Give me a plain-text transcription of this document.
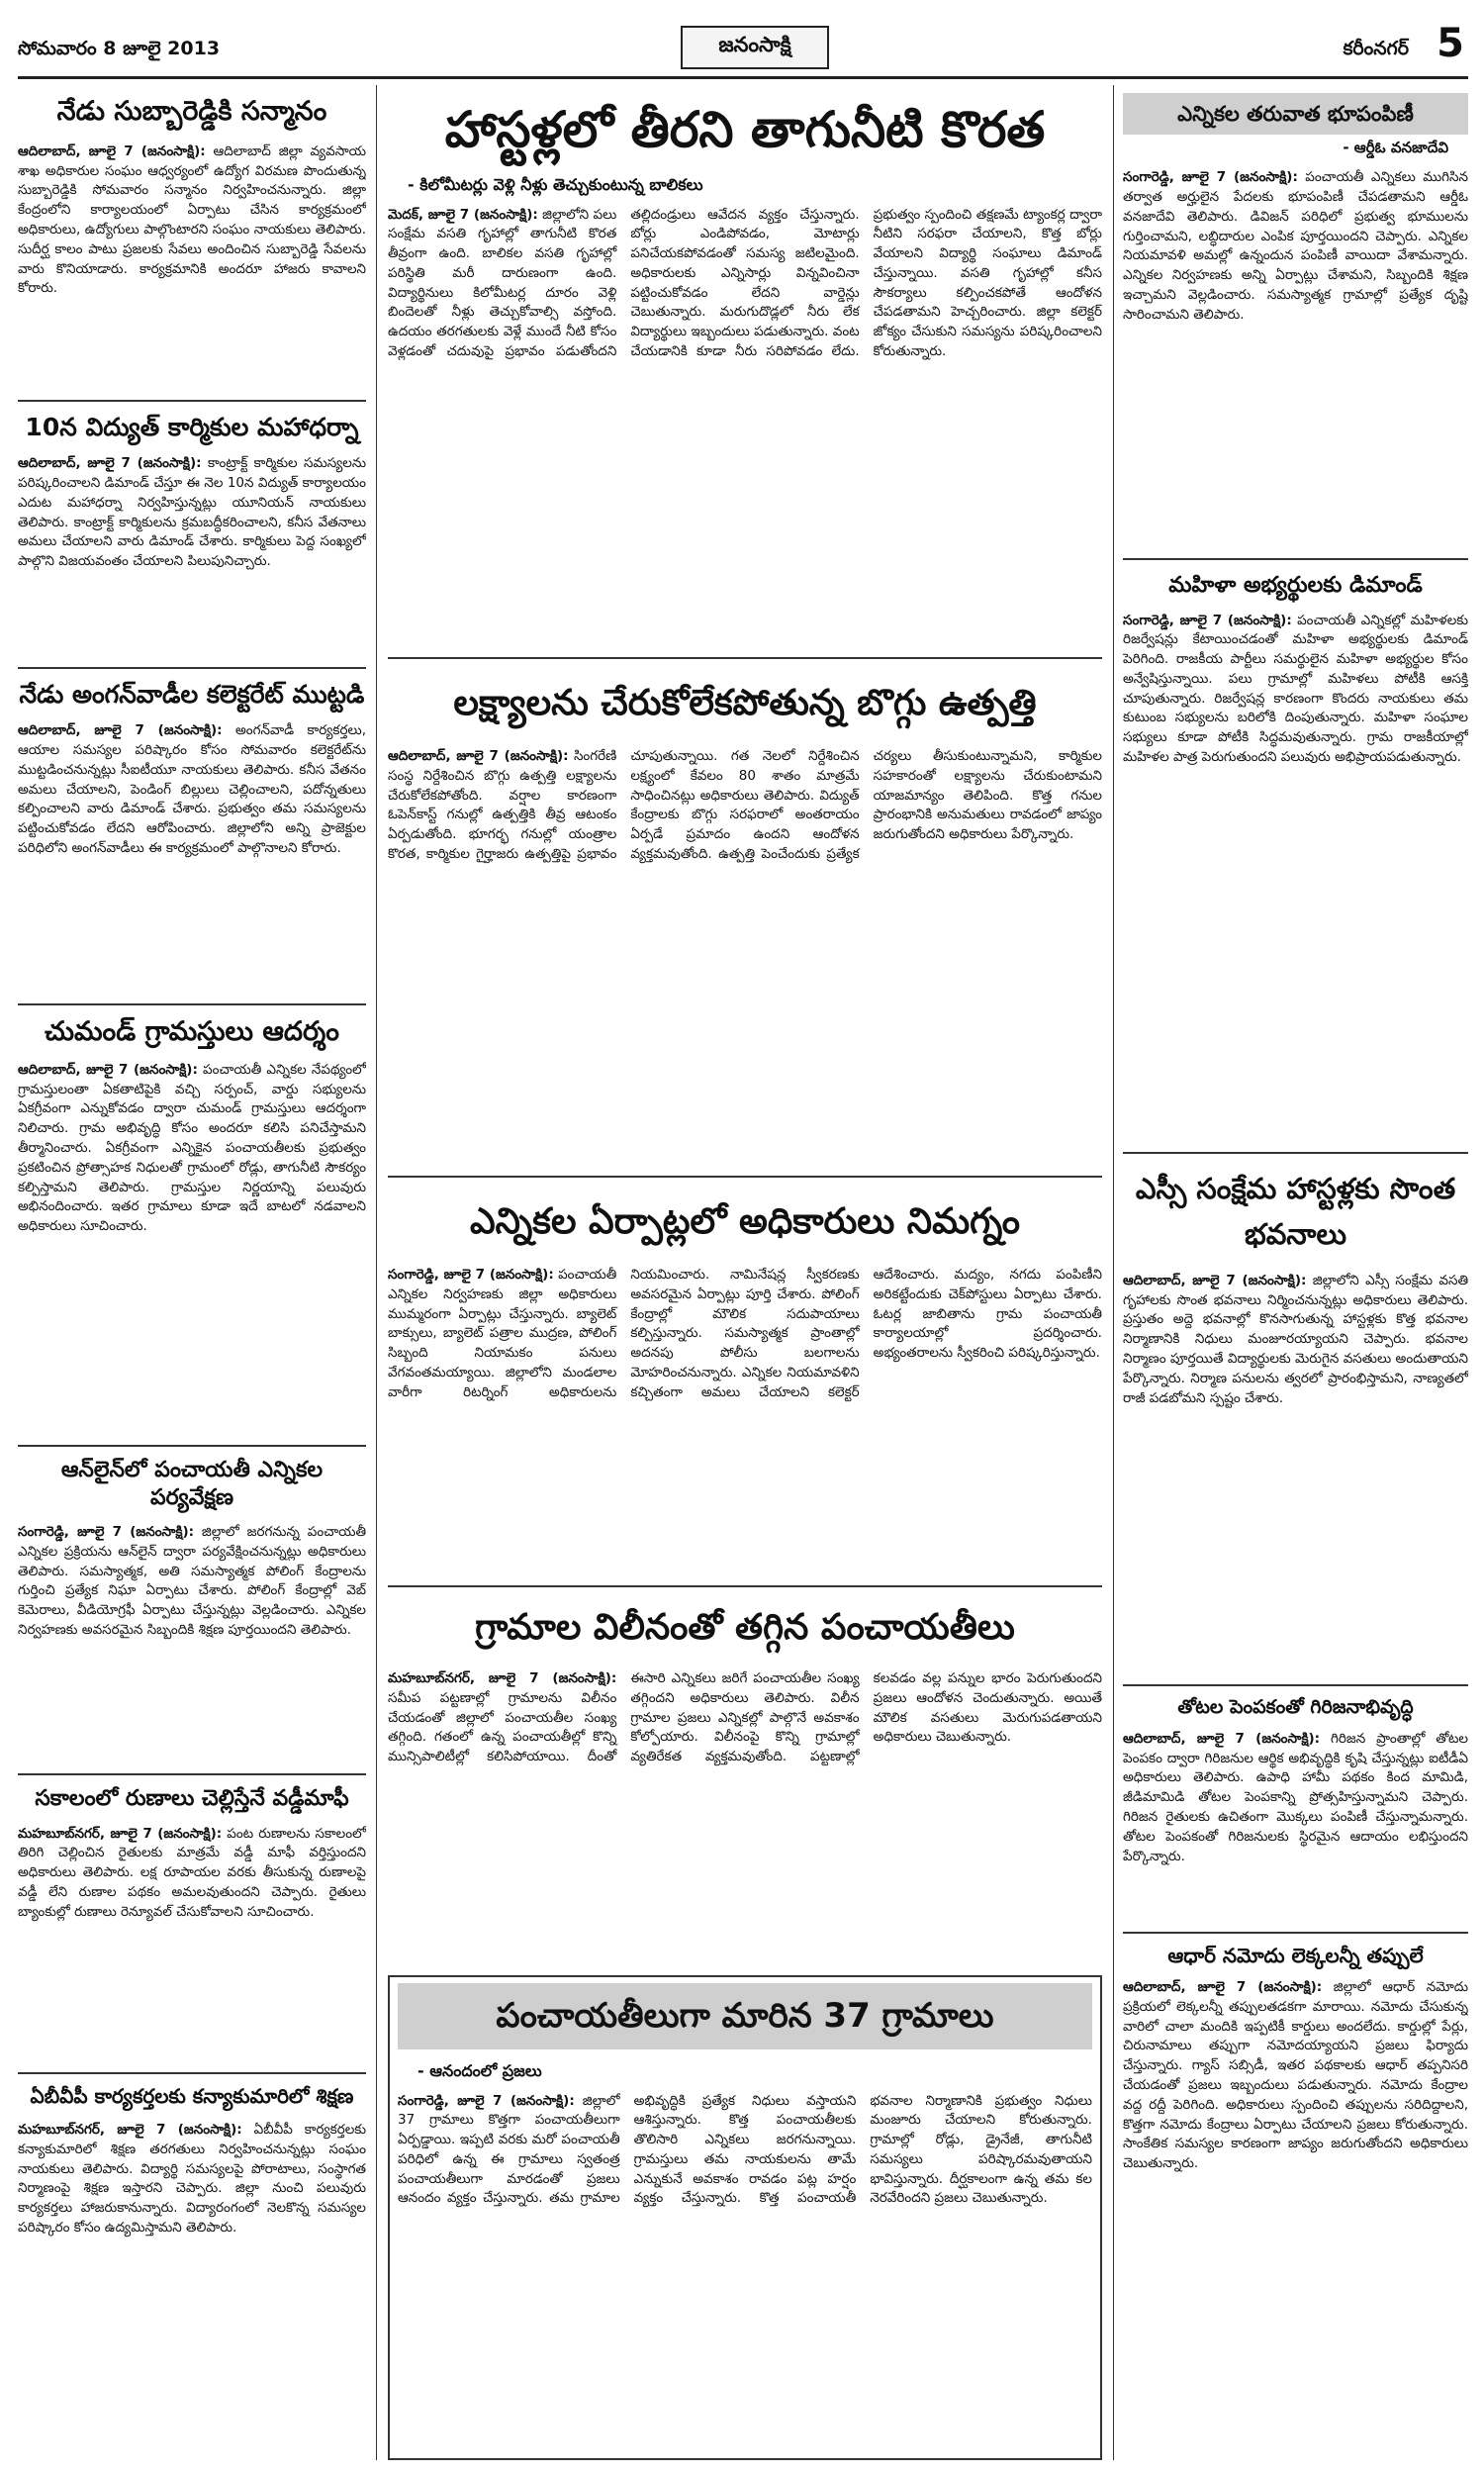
సోమవారం 8 జూలై 2013	జనంసాక్షి	కరీంనగర్ 5
నేడు సుబ్బారెడ్డికి సన్మానం
ఆదిలాబాద్, జూలై 7 (జనంసాక్షి): ఆదిలాబాద్ జిల్లా వ్యవసాయ శాఖ అధికారుల సంఘం ఆధ్వర్యంలో ఉద్యోగ విరమణ పొందుతున్న సుబ్బారెడ్డికి సోమవారం సన్మానం నిర్వహించనున్నారు. జిల్లా కేంద్రంలోని కార్యాలయంలో ఏర్పాటు చేసిన కార్యక్రమంలో అధికారులు, ఉద్యోగులు పాల్గొంటారని సంఘం నాయకులు తెలిపారు. సుదీర్ఘ కాలం పాటు ప్రజలకు సేవలు అందించిన సుబ్బారెడ్డి సేవలను వారు కొనియాడారు. కార్యక్రమానికి అందరూ హాజరు కావాలని కోరారు.
10న విద్యుత్ కార్మికుల మహాధర్నా
ఆదిలాబాద్, జూలై 7 (జనంసాక్షి): కాంట్రాక్ట్ కార్మికుల సమస్యలను పరిష్కరించాలని డిమాండ్ చేస్తూ ఈ నెల 10న విద్యుత్ కార్యాలయం ఎదుట మహాధర్నా నిర్వహిస్తున్నట్లు యూనియన్ నాయకులు తెలిపారు. కాంట్రాక్ట్ కార్మికులను క్రమబద్ధీకరించాలని, కనీస వేతనాలు అమలు చేయాలని వారు డిమాండ్ చేశారు. కార్మికులు పెద్ద సంఖ్యలో పాల్గొని విజయవంతం చేయాలని పిలుపునిచ్చారు.
నేడు అంగన్‌వాడీల కలెక్టరేట్ ముట్టడి
ఆదిలాబాద్, జూలై 7 (జనంసాక్షి): అంగన్‌వాడీ కార్యకర్తలు, ఆయాల సమస్యల పరిష్కారం కోసం సోమవారం కలెక్టరేట్‌ను ముట్టడించనున్నట్లు సీఐటీయూ నాయకులు తెలిపారు. కనీస వేతనం అమలు చేయాలని, పెండింగ్ బిల్లులు చెల్లించాలని, పదోన్నతులు కల్పించాలని వారు డిమాండ్ చేశారు. ప్రభుత్వం తమ సమస్యలను పట్టించుకోవడం లేదని ఆరోపించారు. జిల్లాలోని అన్ని ప్రాజెక్టుల పరిధిలోని అంగన్‌వాడీలు ఈ కార్యక్రమంలో పాల్గొనాలని కోరారు.
చుమండ్ గ్రామస్తులు ఆదర్శం
ఆదిలాబాద్, జూలై 7 (జనంసాక్షి): పంచాయతీ ఎన్నికల నేపథ్యంలో గ్రామస్తులంతా ఏకతాటిపైకి వచ్చి సర్పంచ్, వార్డు సభ్యులను ఏకగ్రీవంగా ఎన్నుకోవడం ద్వారా చుమండ్ గ్రామస్తులు ఆదర్శంగా నిలిచారు. గ్రామ అభివృద్ధి కోసం అందరూ కలిసి పనిచేస్తామని తీర్మానించారు. ఏకగ్రీవంగా ఎన్నికైన పంచాయతీలకు ప్రభుత్వం ప్రకటించిన ప్రోత్సాహక నిధులతో గ్రామంలో రోడ్లు, తాగునీటి సౌకర్యం కల్పిస్తామని తెలిపారు. గ్రామస్తుల నిర్ణయాన్ని పలువురు అభినందించారు. ఇతర గ్రామాలు కూడా ఇదే బాటలో నడవాలని అధికారులు సూచించారు.
ఆన్‌లైన్‌లో పంచాయతీ ఎన్నికల పర్యవేక్షణ
సంగారెడ్డి, జూలై 7 (జనంసాక్షి): జిల్లాలో జరగనున్న పంచాయతీ ఎన్నికల ప్రక్రియను ఆన్‌లైన్ ద్వారా పర్యవేక్షించనున్నట్లు అధికారులు తెలిపారు. సమస్యాత్మక, అతి సమస్యాత్మక పోలింగ్ కేంద్రాలను గుర్తించి ప్రత్యేక నిఘా ఏర్పాటు చేశారు. పోలింగ్ కేంద్రాల్లో వెబ్ కెమెరాలు, వీడియోగ్రఫీ ఏర్పాటు చేస్తున్నట్లు వెల్లడించారు. ఎన్నికల నిర్వహణకు అవసరమైన సిబ్బందికి శిక్షణ పూర్తయిందని తెలిపారు.
సకాలంలో రుణాలు చెల్లిస్తేనే వడ్డీమాఫీ
మహబూబ్‌నగర్, జూలై 7 (జనంసాక్షి): పంట రుణాలను సకాలంలో తిరిగి చెల్లించిన రైతులకు మాత్రమే వడ్డీ మాఫీ వర్తిస్తుందని అధికారులు తెలిపారు. లక్ష రూపాయల వరకు తీసుకున్న రుణాలపై వడ్డీ లేని రుణాల పథకం అమలవుతుందని చెప్పారు. రైతులు బ్యాంకుల్లో రుణాలు రెన్యూవల్ చేసుకోవాలని సూచించారు.
ఏబీవీపీ కార్యకర్తలకు కన్యాకుమారిలో శిక్షణ
మహబూబ్‌నగర్, జూలై 7 (జనంసాక్షి): ఏబీవీపీ కార్యకర్తలకు కన్యాకుమారిలో శిక్షణ తరగతులు నిర్వహించనున్నట్లు సంఘం నాయకులు తెలిపారు. విద్యార్థి సమస్యలపై పోరాటాలు, సంస్థాగత నిర్మాణంపై శిక్షణ ఇస్తారని చెప్పారు. జిల్లా నుంచి పలువురు కార్యకర్తలు హాజరుకానున్నారు. విద్యారంగంలో నెలకొన్న సమస్యల పరిష్కారం కోసం ఉద్యమిస్తామని తెలిపారు.
హాస్టళ్లలో తీరని తాగునీటి కొరత
- కిలోమీటర్లు వెళ్లి నీళ్లు తెచ్చుకుంటున్న బాలికలు
మెదక్, జూలై 7 (జనంసాక్షి): జిల్లాలోని పలు సంక్షేమ వసతి గృహాల్లో తాగునీటి కొరత తీవ్రంగా ఉంది. బాలికల వసతి గృహాల్లో పరిస్థితి మరీ దారుణంగా ఉంది. విద్యార్థినులు కిలోమీటర్ల దూరం వెళ్లి బిందెలతో నీళ్లు తెచ్చుకోవాల్సి వస్తోంది. ఉదయం తరగతులకు వెళ్లే ముందే నీటి కోసం వెళ్లడంతో చదువుపై ప్రభావం పడుతోందని తల్లిదండ్రులు ఆవేదన వ్యక్తం చేస్తున్నారు. బోర్లు ఎండిపోవడం, మోటార్లు పనిచేయకపోవడంతో సమస్య జటిలమైంది. అధికారులకు ఎన్నిసార్లు విన్నవించినా పట్టించుకోవడం లేదని వార్డెన్లు చెబుతున్నారు. మరుగుదొడ్లలో నీరు లేక విద్యార్థులు ఇబ్బందులు పడుతున్నారు. వంట చేయడానికి కూడా నీరు సరిపోవడం లేదు. ప్రభుత్వం స్పందించి తక్షణమే ట్యాంకర్ల ద్వారా నీటిని సరఫరా చేయాలని, కొత్త బోర్లు వేయాలని విద్యార్థి సంఘాలు డిమాండ్ చేస్తున్నాయి. వసతి గృహాల్లో కనీస సౌకర్యాలు కల్పించకపోతే ఆందోళన చేపడతామని హెచ్చరించారు. జిల్లా కలెక్టర్ జోక్యం చేసుకుని సమస్యను పరిష్కరించాలని కోరుతున్నారు.
లక్ష్యాలను చేరుకోలేకపోతున్న బొగ్గు ఉత్పత్తి
ఆదిలాబాద్, జూలై 7 (జనంసాక్షి): సింగరేణి సంస్థ నిర్దేశించిన బొగ్గు ఉత్పత్తి లక్ష్యాలను చేరుకోలేకపోతోంది. వర్షాల కారణంగా ఓపెన్‌కాస్ట్ గనుల్లో ఉత్పత్తికి తీవ్ర ఆటంకం ఏర్పడుతోంది. భూగర్భ గనుల్లో యంత్రాల కొరత, కార్మికుల గైర్హాజరు ఉత్పత్తిపై ప్రభావం చూపుతున్నాయి. గత నెలలో నిర్దేశించిన లక్ష్యంలో కేవలం 80 శాతం మాత్రమే సాధించినట్లు అధికారులు తెలిపారు. విద్యుత్ కేంద్రాలకు బొగ్గు సరఫరాలో అంతరాయం ఏర్పడే ప్రమాదం ఉందని ఆందోళన వ్యక్తమవుతోంది. ఉత్పత్తి పెంచేందుకు ప్రత్యేక చర్యలు తీసుకుంటున్నామని, కార్మికుల సహకారంతో లక్ష్యాలను చేరుకుంటామని యాజమాన్యం తెలిపింది. కొత్త గనుల ప్రారంభానికి అనుమతులు రావడంలో జాప్యం జరుగుతోందని అధికారులు పేర్కొన్నారు.
ఎన్నికల ఏర్పాట్లలో అధికారులు నిమగ్నం
సంగారెడ్డి, జూలై 7 (జనంసాక్షి): పంచాయతీ ఎన్నికల నిర్వహణకు జిల్లా అధికారులు ముమ్మరంగా ఏర్పాట్లు చేస్తున్నారు. బ్యాలెట్ బాక్సులు, బ్యాలెట్ పత్రాల ముద్రణ, పోలింగ్ సిబ్బంది నియామకం పనులు వేగవంతమయ్యాయి. జిల్లాలోని మండలాల వారీగా రిటర్నింగ్ అధికారులను నియమించారు. నామినేషన్ల స్వీకరణకు అవసరమైన ఏర్పాట్లు పూర్తి చేశారు. పోలింగ్ కేంద్రాల్లో మౌలిక సదుపాయాలు కల్పిస్తున్నారు. సమస్యాత్మక ప్రాంతాల్లో అదనపు పోలీసు బలగాలను మోహరించనున్నారు. ఎన్నికల నియమావళిని కచ్చితంగా అమలు చేయాలని కలెక్టర్ ఆదేశించారు. మద్యం, నగదు పంపిణీని అరికట్టేందుకు చెక్‌పోస్టులు ఏర్పాటు చేశారు. ఓటర్ల జాబితాను గ్రామ పంచాయతీ కార్యాలయాల్లో ప్రదర్శించారు. అభ్యంతరాలను స్వీకరించి పరిష్కరిస్తున్నారు.
గ్రామాల విలీనంతో తగ్గిన పంచాయతీలు
మహబూబ్‌నగర్, జూలై 7 (జనంసాక్షి): సమీప పట్టణాల్లో గ్రామాలను విలీనం చేయడంతో జిల్లాలో పంచాయతీల సంఖ్య తగ్గింది. గతంలో ఉన్న పంచాయతీల్లో కొన్ని మున్సిపాలిటీల్లో కలిసిపోయాయి. దీంతో ఈసారి ఎన్నికలు జరిగే పంచాయతీల సంఖ్య తగ్గిందని అధికారులు తెలిపారు. విలీన గ్రామాల ప్రజలు ఎన్నికల్లో పాల్గొనే అవకాశం కోల్పోయారు. విలీనంపై కొన్ని గ్రామాల్లో వ్యతిరేకత వ్యక్తమవుతోంది. పట్టణాల్లో కలవడం వల్ల పన్నుల భారం పెరుగుతుందని ప్రజలు ఆందోళన చెందుతున్నారు. అయితే మౌలిక వసతులు మెరుగుపడతాయని అధికారులు చెబుతున్నారు.
పంచాయతీలుగా మారిన 37 గ్రామాలు
- ఆనందంలో ప్రజలు
సంగారెడ్డి, జూలై 7 (జనంసాక్షి): జిల్లాలో 37 గ్రామాలు కొత్తగా పంచాయతీలుగా ఏర్పడ్డాయి. ఇప్పటి వరకు మరో పంచాయతీ పరిధిలో ఉన్న ఈ గ్రామాలు స్వతంత్ర పంచాయతీలుగా మారడంతో ప్రజలు ఆనందం వ్యక్తం చేస్తున్నారు. తమ గ్రామాల అభివృద్ధికి ప్రత్యేక నిధులు వస్తాయని ఆశిస్తున్నారు. కొత్త పంచాయతీలకు తొలిసారి ఎన్నికలు జరగనున్నాయి. గ్రామస్తులు తమ నాయకులను తామే ఎన్నుకునే అవకాశం రావడం పట్ల హర్షం వ్యక్తం చేస్తున్నారు. కొత్త పంచాయతీ భవనాల నిర్మాణానికి ప్రభుత్వం నిధులు మంజూరు చేయాలని కోరుతున్నారు. గ్రామాల్లో రోడ్లు, డ్రైనేజీ, తాగునీటి సమస్యలు పరిష్కారమవుతాయని భావిస్తున్నారు. దీర్ఘకాలంగా ఉన్న తమ కల నెరవేరిందని ప్రజలు చెబుతున్నారు.
ఎన్నికల తరువాత భూపంపిణీ
- ఆర్డీఓ వనజాదేవి
సంగారెడ్డి, జూలై 7 (జనంసాక్షి): పంచాయతీ ఎన్నికలు ముగిసిన తర్వాత అర్హులైన పేదలకు భూపంపిణీ చేపడతామని ఆర్డీఓ వనజాదేవి తెలిపారు. డివిజన్ పరిధిలో ప్రభుత్వ భూములను గుర్తించామని, లబ్ధిదారుల ఎంపిక పూర్తయిందని చెప్పారు. ఎన్నికల నియమావళి అమల్లో ఉన్నందున పంపిణీ వాయిదా వేశామన్నారు. ఎన్నికల నిర్వహణకు అన్ని ఏర్పాట్లు చేశామని, సిబ్బందికి శిక్షణ ఇచ్చామని వెల్లడించారు. సమస్యాత్మక గ్రామాల్లో ప్రత్యేక దృష్టి సారించామని తెలిపారు.
మహిళా అభ్యర్థులకు డిమాండ్
సంగారెడ్డి, జూలై 7 (జనంసాక్షి): పంచాయతీ ఎన్నికల్లో మహిళలకు రిజర్వేషన్లు కేటాయించడంతో మహిళా అభ్యర్థులకు డిమాండ్ పెరిగింది. రాజకీయ పార్టీలు సమర్థులైన మహిళా అభ్యర్థుల కోసం అన్వేషిస్తున్నాయి. పలు గ్రామాల్లో మహిళలు పోటీకి ఆసక్తి చూపుతున్నారు. రిజర్వేషన్ల కారణంగా కొందరు నాయకులు తమ కుటుంబ సభ్యులను బరిలోకి దింపుతున్నారు. మహిళా సంఘాల సభ్యులు కూడా పోటీకి సిద్ధమవుతున్నారు. గ్రామ రాజకీయాల్లో మహిళల పాత్ర పెరుగుతుందని పలువురు అభిప్రాయపడుతున్నారు.
ఎస్సీ సంక్షేమ హాస్టళ్లకు సొంత భవనాలు
ఆదిలాబాద్, జూలై 7 (జనంసాక్షి): జిల్లాలోని ఎస్సీ సంక్షేమ వసతి గృహాలకు సొంత భవనాలు నిర్మించనున్నట్లు అధికారులు తెలిపారు. ప్రస్తుతం అద్దె భవనాల్లో కొనసాగుతున్న హాస్టళ్లకు కొత్త భవనాల నిర్మాణానికి నిధులు మంజూరయ్యాయని చెప్పారు. భవనాల నిర్మాణం పూర్తయితే విద్యార్థులకు మెరుగైన వసతులు అందుతాయని పేర్కొన్నారు. నిర్మాణ పనులను త్వరలో ప్రారంభిస్తామని, నాణ్యతలో రాజీ పడబోమని స్పష్టం చేశారు.
తోటల పెంపకంతో గిరిజనాభివృద్ధి
ఆదిలాబాద్, జూలై 7 (జనంసాక్షి): గిరిజన ప్రాంతాల్లో తోటల పెంపకం ద్వారా గిరిజనుల ఆర్థిక అభివృద్ధికి కృషి చేస్తున్నట్లు ఐటీడీఏ అధికారులు తెలిపారు. ఉపాధి హామీ పథకం కింద మామిడి, జీడిమామిడి తోటల పెంపకాన్ని ప్రోత్సహిస్తున్నామని చెప్పారు. గిరిజన రైతులకు ఉచితంగా మొక్కలు పంపిణీ చేస్తున్నామన్నారు. తోటల పెంపకంతో గిరిజనులకు స్థిరమైన ఆదాయం లభిస్తుందని పేర్కొన్నారు.
ఆధార్ నమోదు లెక్కలన్నీ తప్పులే
ఆదిలాబాద్, జూలై 7 (జనంసాక్షి): జిల్లాలో ఆధార్ నమోదు ప్రక్రియలో లెక్కలన్నీ తప్పులతడకగా మారాయి. నమోదు చేసుకున్న వారిలో చాలా మందికి ఇప్పటికీ కార్డులు అందలేదు. కార్డుల్లో పేర్లు, చిరునామాలు తప్పుగా నమోదయ్యాయని ప్రజలు ఫిర్యాదు చేస్తున్నారు. గ్యాస్ సబ్సిడీ, ఇతర పథకాలకు ఆధార్ తప్పనిసరి చేయడంతో ప్రజలు ఇబ్బందులు పడుతున్నారు. నమోదు కేంద్రాల వద్ద రద్దీ పెరిగింది. అధికారులు స్పందించి తప్పులను సరిదిద్దాలని, కొత్తగా నమోదు కేంద్రాలు ఏర్పాటు చేయాలని ప్రజలు కోరుతున్నారు. సాంకేతిక సమస్యల కారణంగా జాప్యం జరుగుతోందని అధికారులు చెబుతున్నారు.
